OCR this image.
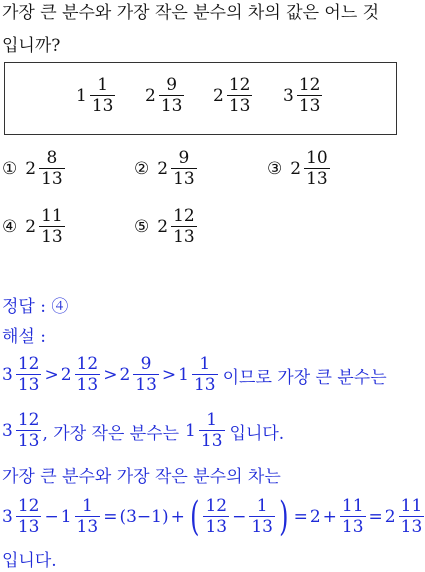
가장 큰 분수와 가장 작은 분수의 차의 값은 어느 것
입니까?
$1 \frac{1}{13} 2 \frac{9}{13} 2 \frac{12}{13} 3 \frac{12}{13}$
① $2 \frac{8}{13}$	② $2 \frac{9}{13}$	③ $2 \frac{10}{13}$
④ $2 \frac{11}{13}$	⑤ $2 \frac{12}{13}$
정답 : ④
해설 :
$3 \frac{12}{13} > 2 \frac{12}{13} > 2 \frac{9}{13} > 1 \frac{1}{13}$ 이므로 가장 큰 분수는
$3 \frac{12}{13}$ , 가장 작은 분수는 $1 \frac{1}{13}$ 입니다.
가장 큰 분수와 가장 작은 분수의 차는
$3 \frac{12}{13} - 1 \frac{1}{13} = (3-1)$ + ( $\frac{12}{13} - \frac{1}{13}$ ) = $2 + \frac{11}{13} = 2 \frac{11}{13}$
입니다.
